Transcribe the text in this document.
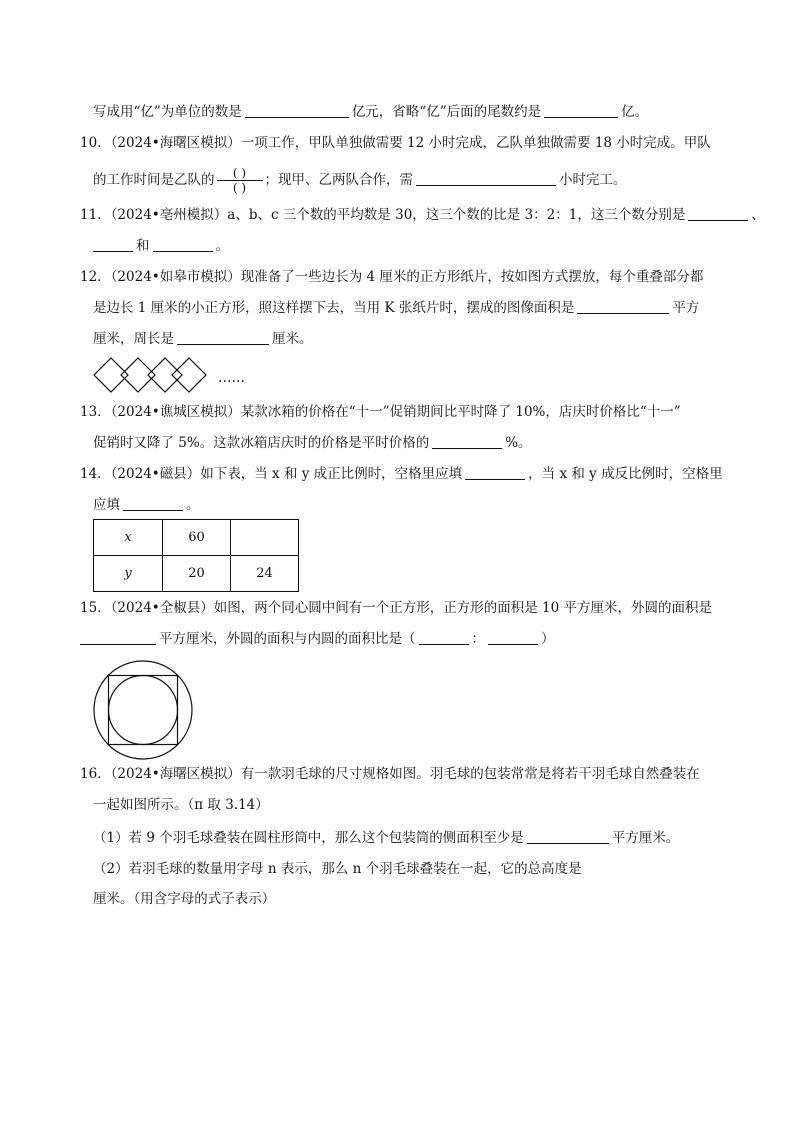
写成用“亿”为单位的数是	亿元，省略“亿”后面的尾数约是	亿。
10．（2024•海曙区模拟）一项工作，甲队单独做需要 12 小时完成，乙队单独做需要 18 小时完成。甲队
的工作时间是乙队的 $\frac{( )}{( )}$ ；现甲、乙两队合作，需	小时完工。
11．（2024•亳州模拟）a、b、c 三个数的平均数是 30，这三个数的比是 3：2：1，这三个数分别是	、
和	。
12．（2024•如皋市模拟）现准备了一些边长为 4 厘米的正方形纸片，按如图方式摆放，每个重叠部分都
是边长 1 厘米的小正方形，照这样摆下去，当用 K 张纸片时，摆成的图像面积是	平方
厘米，周长是	厘米。
……
13．（2024•谯城区模拟）某款冰箱的价格在“十一”促销期间比平时降了 10%，店庆时价格比“十一”
促销时又降了 5%。这款冰箱店庆时的价格是平时价格的	%。
14．（2024•磁县）如下表，当 x 和 y 成正比例时，空格里应填	，当 x 和 y 成反比例时，空格里
应填	。
x	60	
y	20	24
15．（2024•全椒县）如图，两个同心圆中间有一个正方形，正方形的面积是 10 平方厘米，外圆的面积是
平方厘米，外圆的面积与内圆的面积比是（	：	）
16．（2024•海曙区模拟）有一款羽毛球的尺寸规格如图。羽毛球的包装常常是将若干羽毛球自然叠装在
一起如图所示。（π 取 3.14）
（1）若 9 个羽毛球叠装在圆柱形筒中，那么这个包装筒的侧面积至少是	平方厘米。
（2）若羽毛球的数量用字母 n 表示，那么 n 个羽毛球叠装在一起，它的总高度是
厘米。（用含字母的式子表示）
